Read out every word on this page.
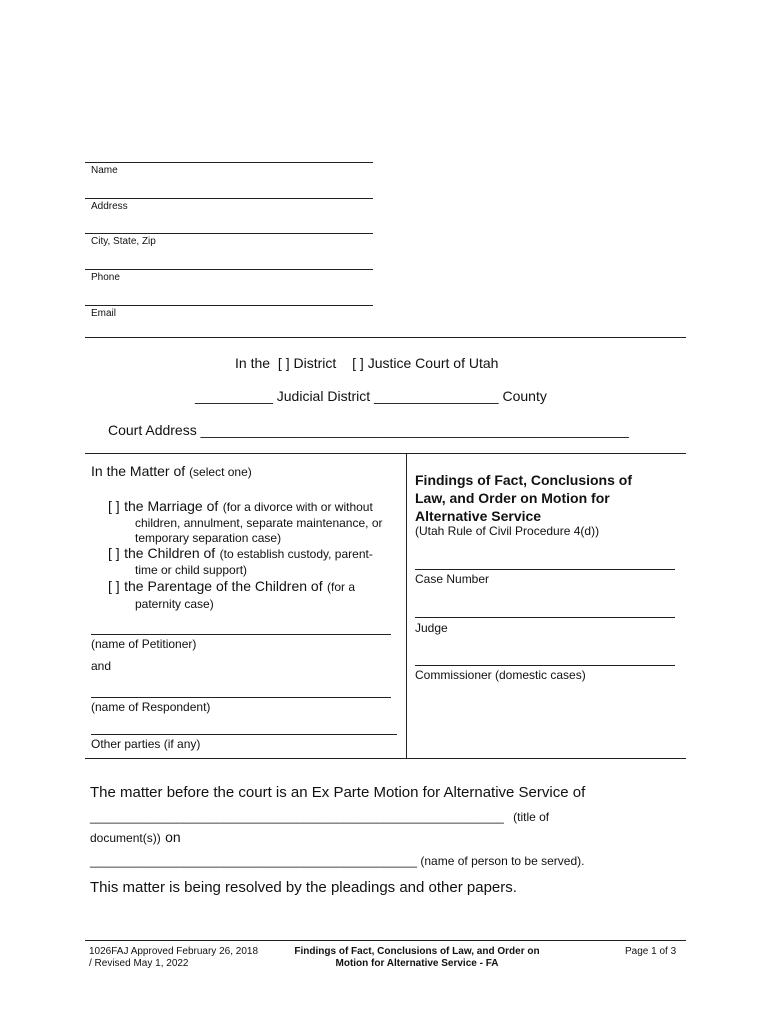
Name
Address
City, State, Zip
Phone
Email
In the [ ] District [ ] Justice Court of Utah
__________ Judicial District ________________ County
Court Address _______________________________________________________
In the Matter of (select one)
[ ] the Marriage of (for a divorce with or without
children, annulment, separate maintenance, or
temporary separation case)
[ ] the Children of (to establish custody, parent-
time or child support)
[ ] the Parentage of the Children of (for a
paternity case)
(name of Petitioner)
and
(name of Respondent)
Other parties (if any)
Findings of Fact, Conclusions of
Law, and Order on Motion for
Alternative Service
(Utah Rule of Civil Procedure 4(d))
Case Number
Judge
Commissioner (domestic cases)
The matter before the court is an Ex Parte Motion for Alternative Service of
______________________________________________________________ (title of
document(s)) on
_________________________________________________ (name of person to be served).
This matter is being resolved by the pleadings and other papers.
1026FAJ Approved February 26, 2018
/ Revised May 1, 2022
Findings of Fact, Conclusions of Law, and Order on
Motion for Alternative Service - FA
Page 1 of 3
